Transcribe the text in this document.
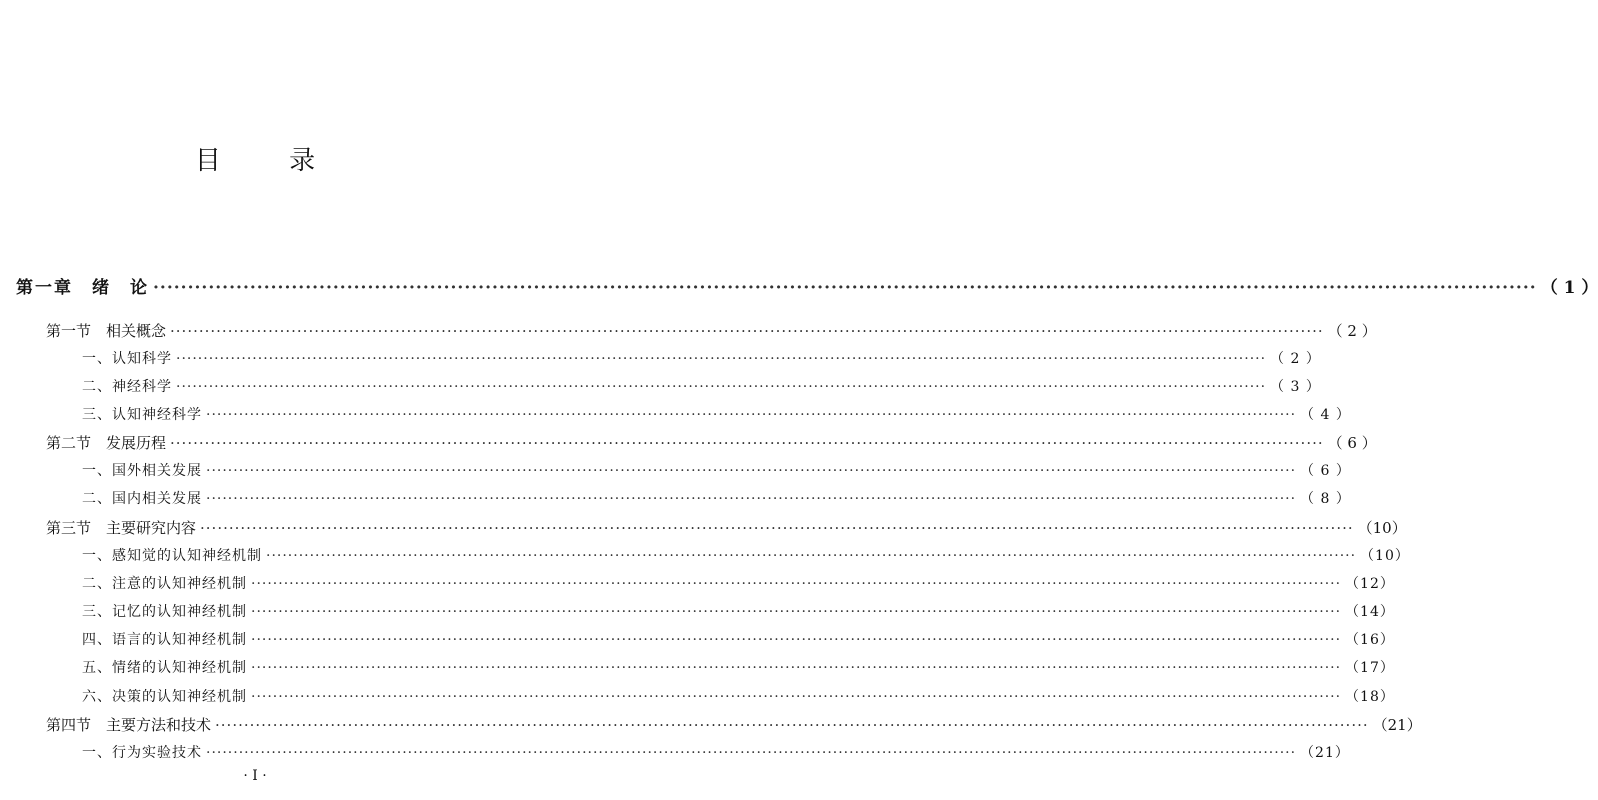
目 录
第一章　绪　论 ········································································································································································································ （ 1 ）
第一节　相关概念 ········································································································································································································ （ 2 ）
一、认知科学 ········································································································································································································ （ 2 ）
二、神经科学 ········································································································································································································ （ 3 ）
三、认知神经科学 ········································································································································································································ （ 4 ）
第二节　发展历程 ········································································································································································································ （ 6 ）
一、国外相关发展 ········································································································································································································ （ 6 ）
二、国内相关发展 ········································································································································································································ （ 8 ）
第三节　主要研究内容 ········································································································································································································ （10）
一、感知觉的认知神经机制 ········································································································································································································ （10）
二、注意的认知神经机制 ········································································································································································································ （12）
三、记忆的认知神经机制 ········································································································································································································ （14）
四、语言的认知神经机制 ········································································································································································································ （16）
五、情绪的认知神经机制 ········································································································································································································ （17）
六、决策的认知神经机制 ········································································································································································································ （18）
第四节　主要方法和技术 ········································································································································································································ （21）
一、行为实验技术 ········································································································································································································ （21）
· I ·
